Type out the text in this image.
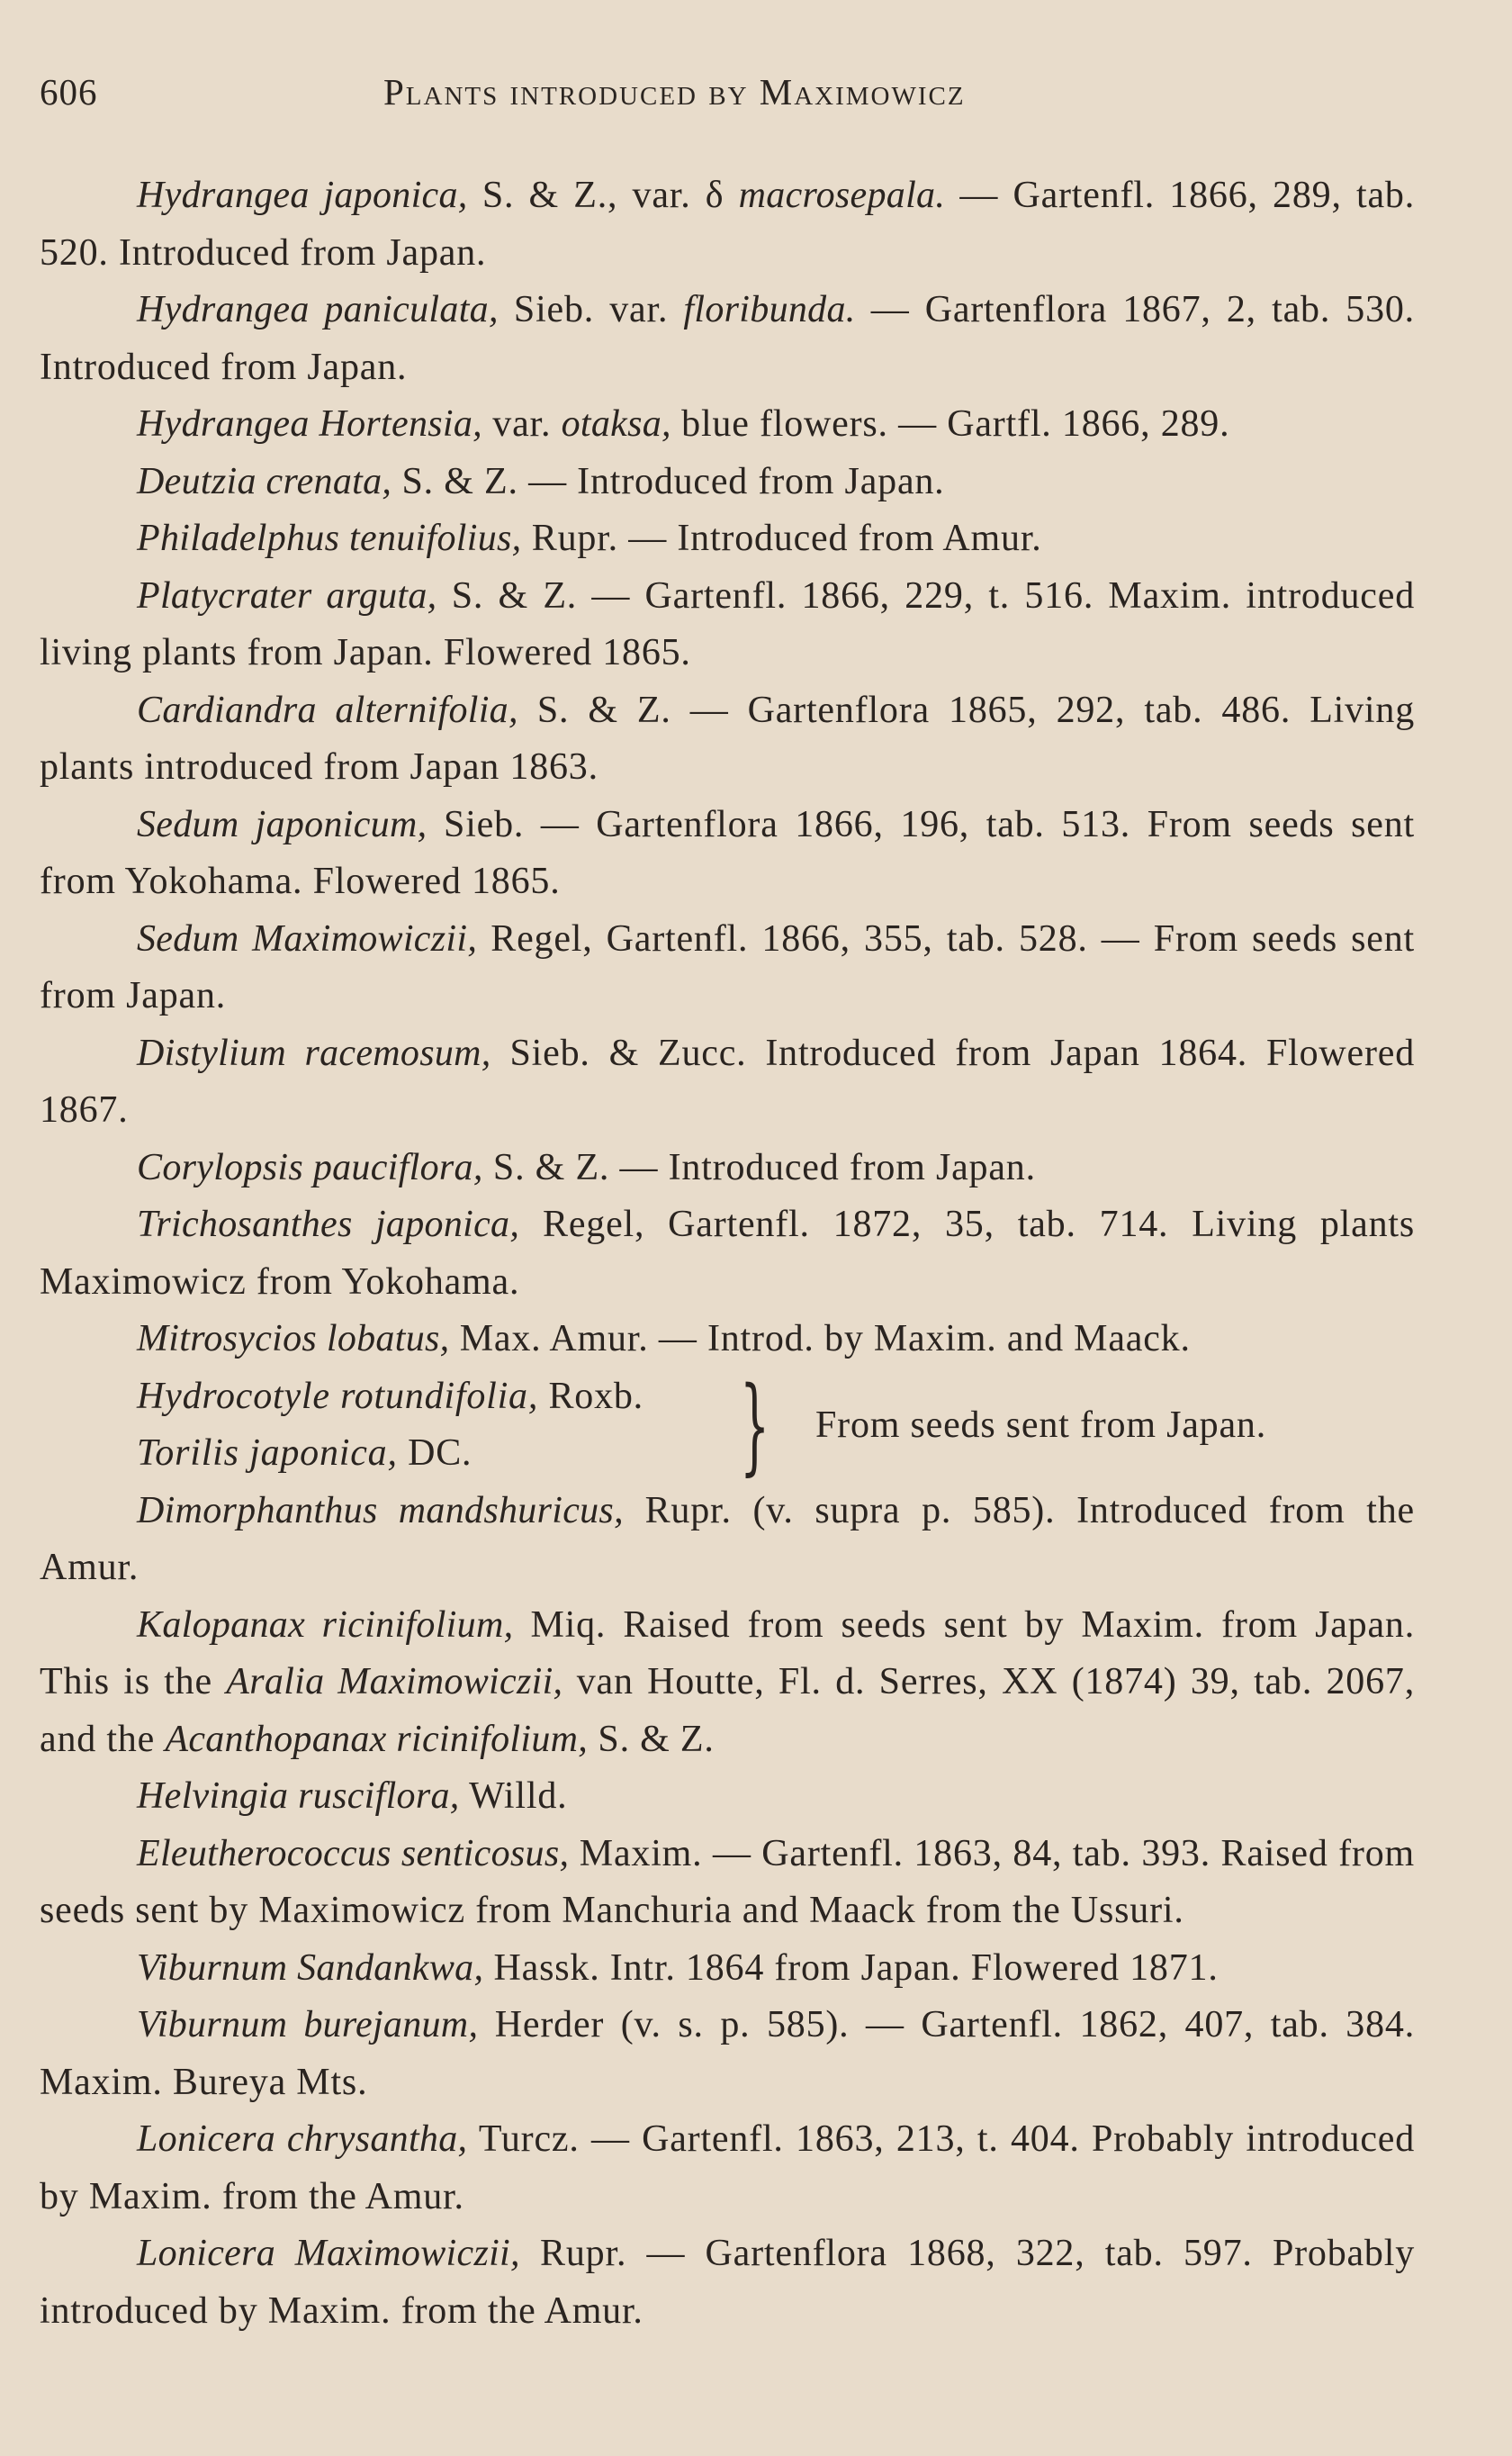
606	Plants introduced by Maximowicz

Hydrangea japonica, S. & Z., var. δ macrosepala. — Gartenfl. 1866, 289, tab. 520. Introduced from Japan.

Hydrangea paniculata, Sieb. var. floribunda. — Gartenflora 1867, 2, tab. 530. Introduced from Japan.

Hydrangea Hortensia, var. otaksa, blue flowers. — Gartfl. 1866, 289.

Deutzia crenata, S. & Z. — Introduced from Japan.

Philadelphus tenuifolius, Rupr. — Introduced from Amur.

Platycrater arguta, S. & Z. — Gartenfl. 1866, 229, t. 516. Maxim. introduced living plants from Japan. Flowered 1865.

Cardiandra alternifolia, S. & Z. — Gartenflora 1865, 292, tab. 486. Living plants introduced from Japan 1863.

Sedum japonicum, Sieb. — Gartenflora 1866, 196, tab. 513. From seeds sent from Yokohama. Flowered 1865.

Sedum Maximowiczii, Regel, Gartenfl. 1866, 355, tab. 528. — From seeds sent from Japan.

Distylium racemosum, Sieb. & Zucc. Introduced from Japan 1864. Flowered 1867.

Corylopsis pauciflora, S. & Z. — Introduced from Japan.

Trichosanthes japonica, Regel, Gartenfl. 1872, 35, tab. 714. Living plants Maximowicz from Yokohama.

Mitrosycios lobatus, Max. Amur. — Introd. by Maxim. and Maack.

Hydrocotyle rotundifolia, Roxb.
Torilis japonica, DC.	} From seeds sent from Japan.

Dimorphanthus mandshuricus, Rupr. (v. supra p. 585). Introduced from the Amur.

Kalopanax ricinifolium, Miq. Raised from seeds sent by Maxim. from Japan. This is the Aralia Maximowiczii, van Houtte, Fl. d. Serres, XX (1874) 39, tab. 2067, and the Acanthopanax ricinifolium, S. & Z.

Helvingia rusciflora, Willd.

Eleutherococcus senticosus, Maxim. — Gartenfl. 1863, 84, tab. 393. Raised from seeds sent by Maximowicz from Manchuria and Maack from the Ussuri.

Viburnum Sandankwa, Hassk. Intr. 1864 from Japan. Flowered 1871.

Viburnum burejanum, Herder (v. s. p. 585). — Gartenfl. 1862, 407, tab. 384. Maxim. Bureya Mts.

Lonicera chrysantha, Turcz. — Gartenfl. 1863, 213, t. 404. Probably introduced by Maxim. from the Amur.

Lonicera Maximowiczii, Rupr. — Gartenflora 1868, 322, tab. 597. Probably introduced by Maxim. from the Amur.
